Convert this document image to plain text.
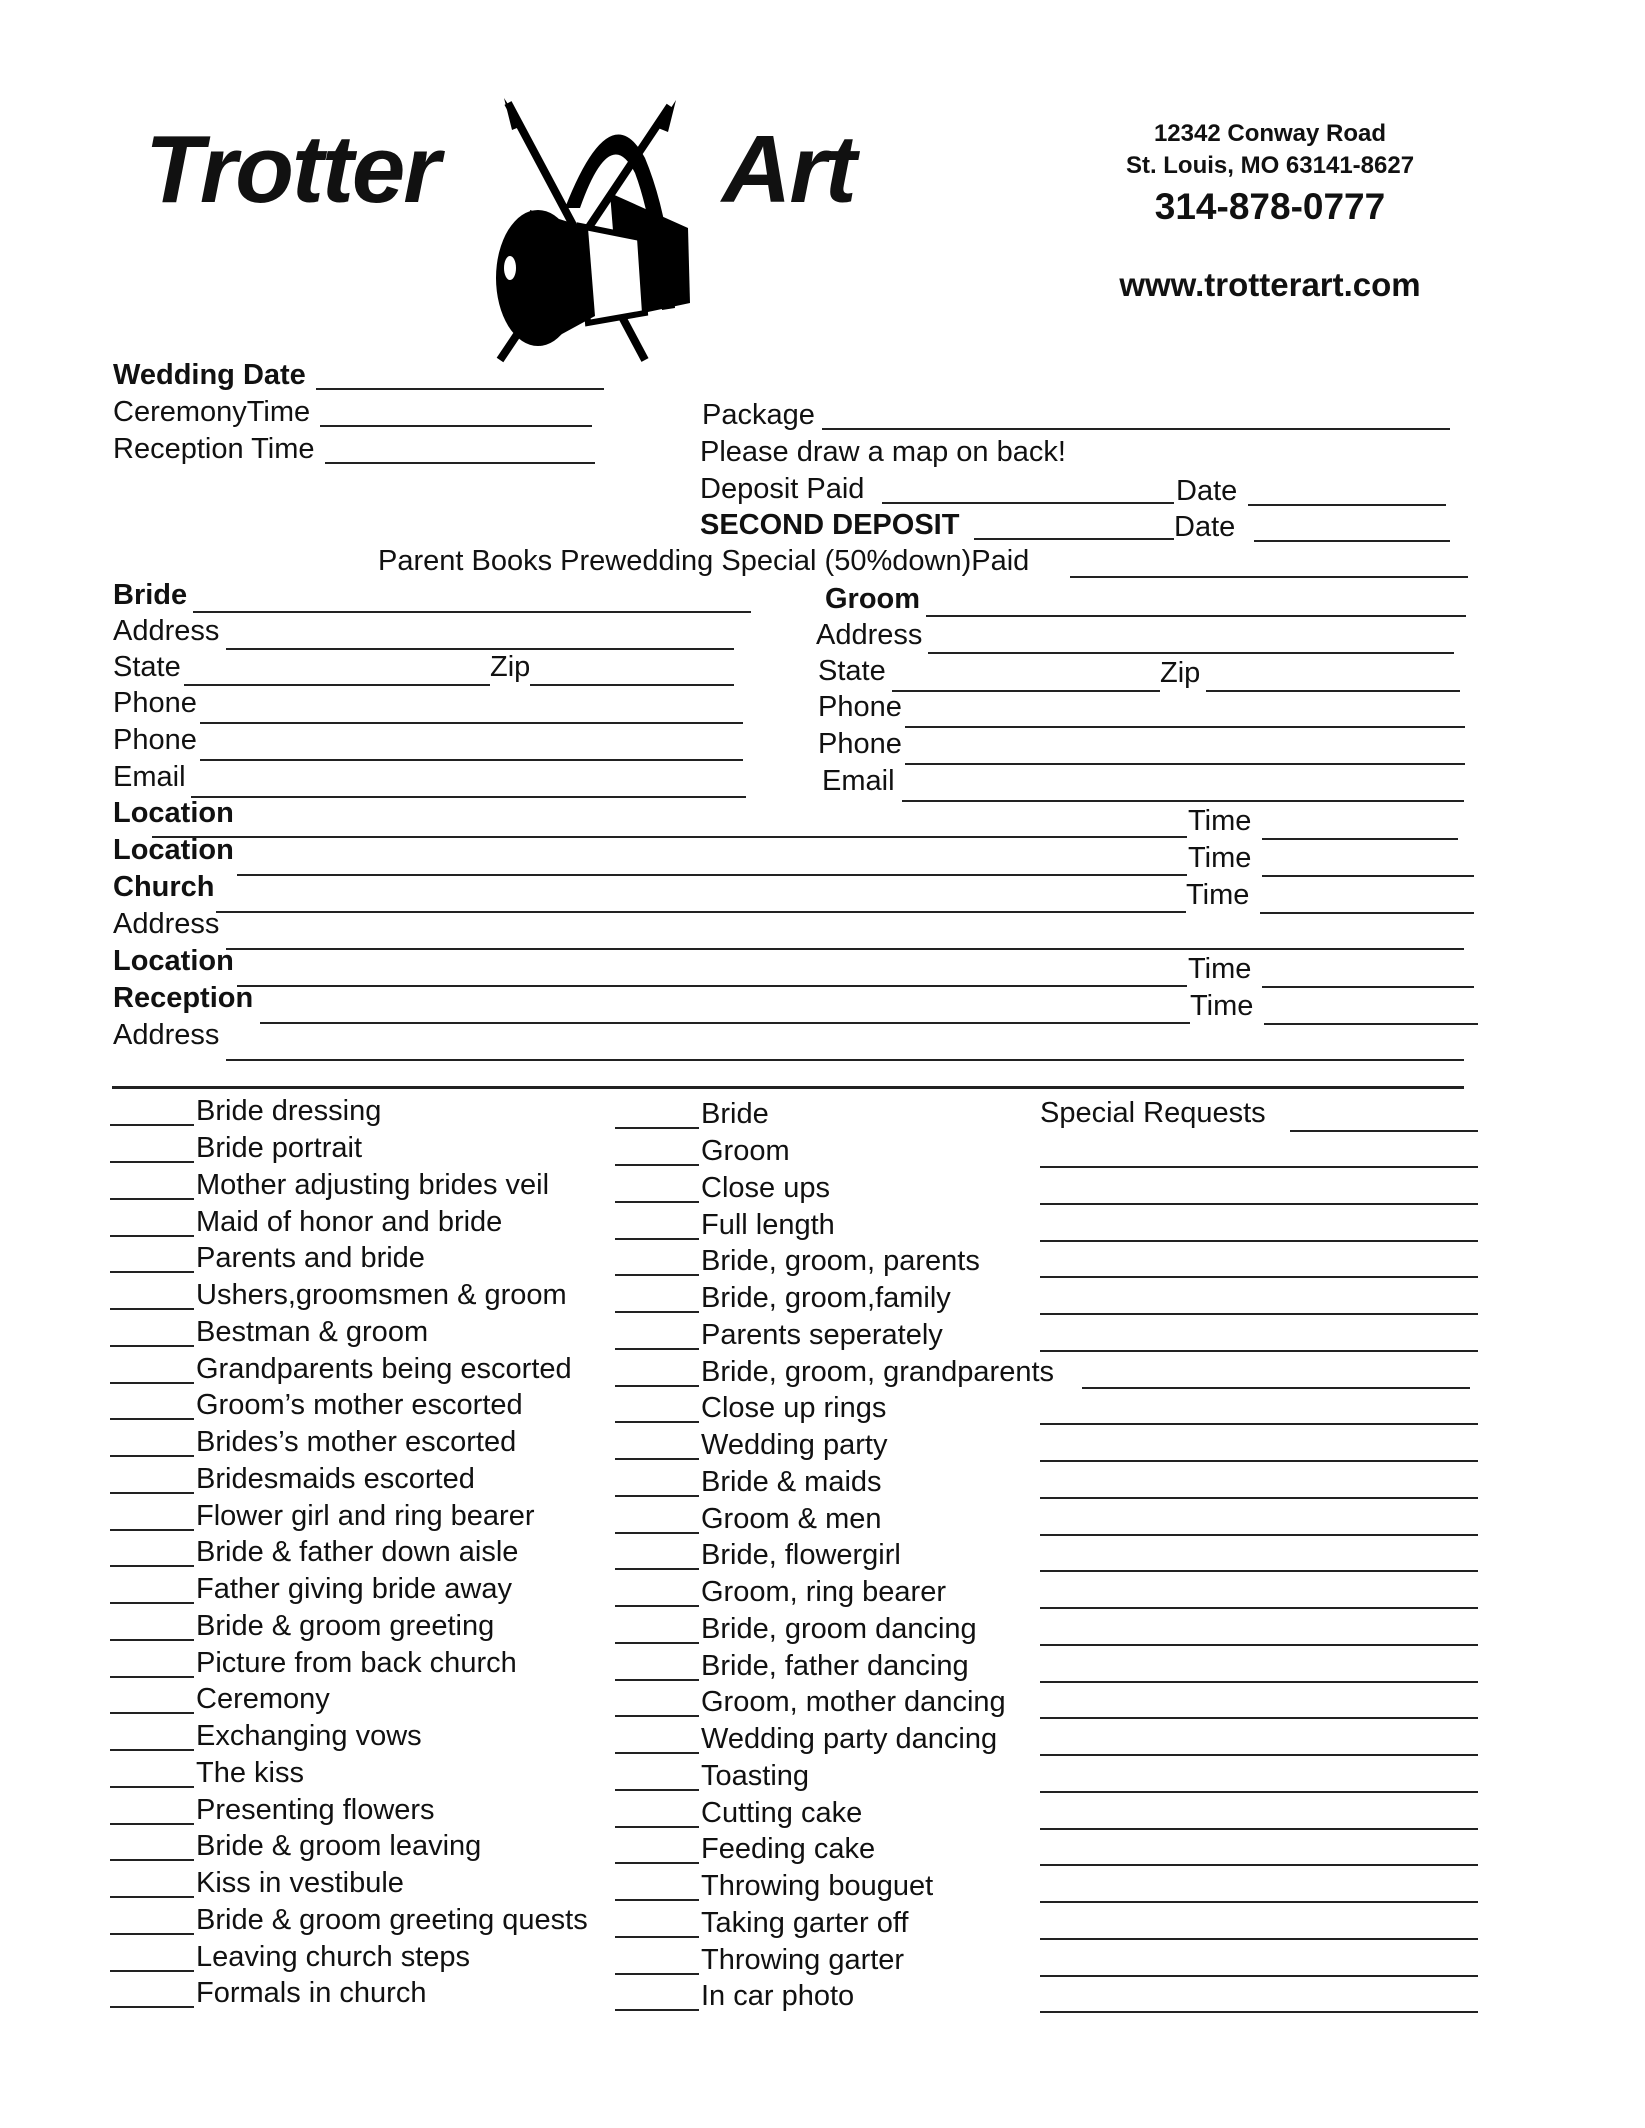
Trotter	Art	12342 Conway Road
St. Louis, MO 63141-8627
314-878-0777
www.trotterart.com
Wedding Date
CeremonyTime
Reception Time
Package
Please draw a map on back!
Deposit Paid	Date
SECOND DEPOSIT	Date
Parent Books Prewedding Special (50%down)Paid
Bride
Address
State	Zip
Phone
Phone
Email
Groom
Address
State	Zip
Phone
Phone
Email
Location	Time
Location	Time
Church	Time
Address
Location	Time
Reception	Time
Address
Bride dressing
Bride portrait
Mother adjusting brides veil
Maid of honor and bride
Parents and bride
Ushers,groomsmen & groom
Bestman & groom
Grandparents being escorted
Groom’s mother escorted
Brides’s mother escorted
Bridesmaids escorted
Flower girl and ring bearer
Bride & father down aisle
Father giving bride away
Bride & groom greeting
Picture from back church
Ceremony
Exchanging vows
The kiss
Presenting flowers
Bride & groom leaving
Kiss in vestibule
Bride & groom greeting quests
Leaving church steps
Formals in church
Bride
Groom
Close ups
Full length
Bride, groom, parents
Bride, groom,family
Parents seperately
Bride, groom, grandparents
Close up rings
Wedding party
Bride & maids
Groom & men
Bride, flowergirl
Groom, ring bearer
Bride, groom dancing
Bride, father dancing
Groom, mother dancing
Wedding party dancing
Toasting
Cutting cake
Feeding cake
Throwing bouguet
Taking garter off
Throwing garter
In car photo
Special Requests
